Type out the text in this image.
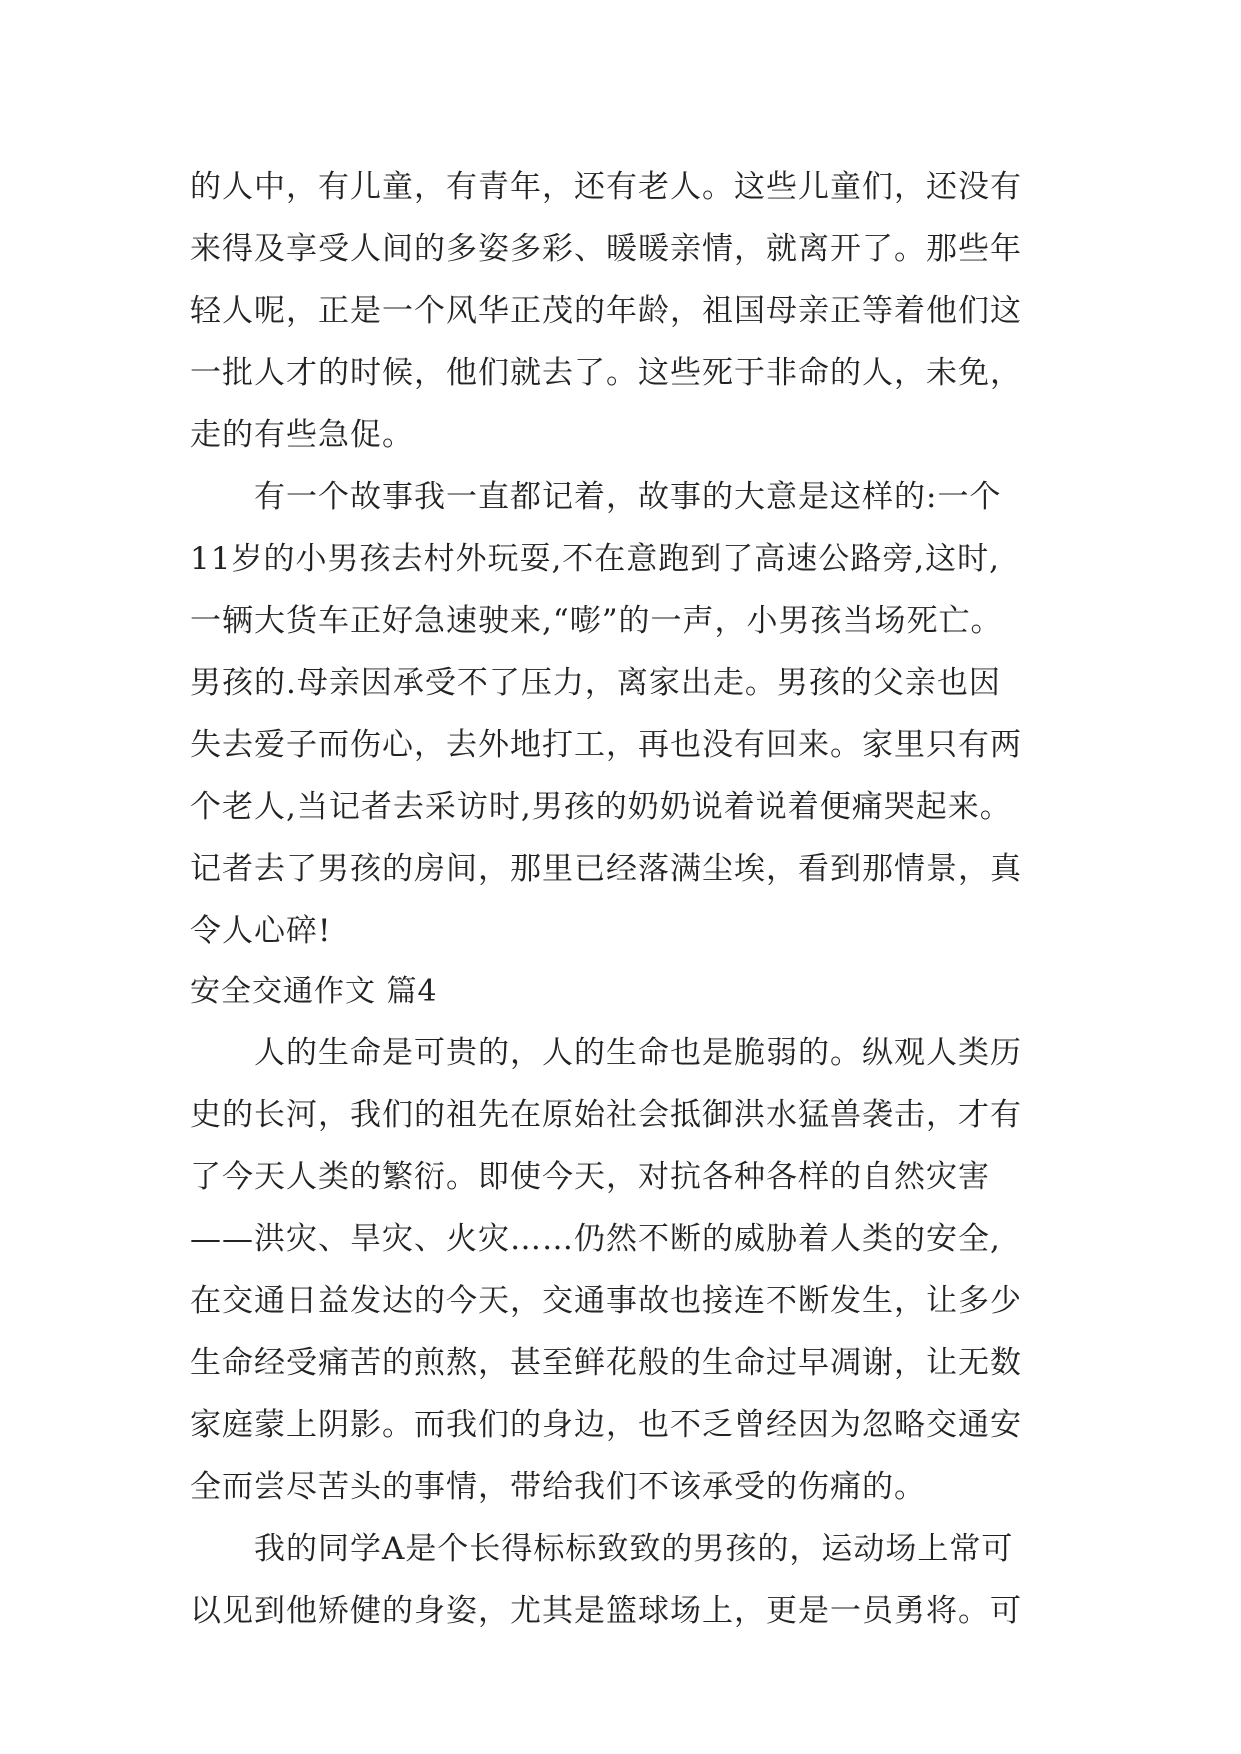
的人中，有儿童，有青年，还有老人。这些儿童们，还没有
来得及享受人间的多姿多彩、暖暖亲情，就离开了。那些年
轻人呢，正是一个风华正茂的年龄，祖国母亲正等着他们这
一批人才的时候，他们就去了。这些死于非命的人，未免，
走的有些急促。
有一个故事我一直都记着，故事的大意是这样的:一个
11岁的小男孩去村外玩耍,不在意跑到了高速公路旁,这时,
一辆大货车正好急速驶来,“嘭”的一声，小男孩当场死亡。
男孩的.母亲因承受不了压力，离家出走。男孩的父亲也因
失去爱子而伤心，去外地打工，再也没有回来。家里只有两
个老人,当记者去采访时,男孩的奶奶说着说着便痛哭起来。
记者去了男孩的房间，那里已经落满尘埃，看到那情景，真
令人心碎!
安全交通作文 篇4
人的生命是可贵的，人的生命也是脆弱的。纵观人类历
史的长河，我们的祖先在原始社会抵御洪水猛兽袭击，才有
了今天人类的繁衍。即使今天，对抗各种各样的自然灾害
——洪灾、旱灾、火灾……仍然不断的威胁着人类的安全,
在交通日益发达的今天，交通事故也接连不断发生，让多少
生命经受痛苦的煎熬，甚至鲜花般的生命过早凋谢，让无数
家庭蒙上阴影。而我们的身边，也不乏曾经因为忽略交通安
全而尝尽苦头的事情，带给我们不该承受的伤痛的。
我的同学A是个长得标标致致的男孩的，运动场上常可
以见到他矫健的身姿，尤其是篮球场上，更是一员勇将。可
